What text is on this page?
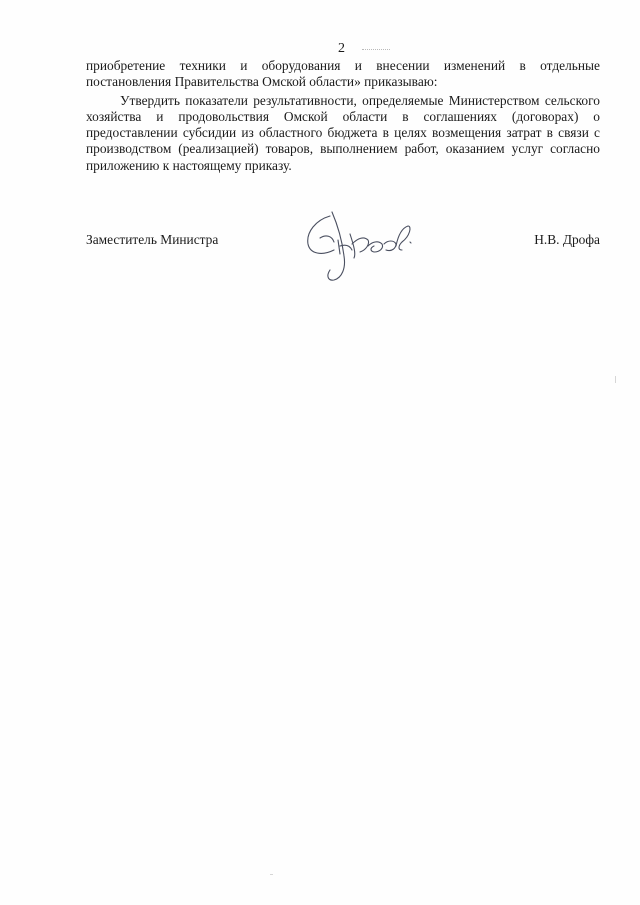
2

приобретение техники и оборудования и внесении изменений в отдельные

постановления Правительства Омской области» приказываю:

Утвердить показатели результативности, определяемые Министерством сельского хозяйства и продовольствия Омской области в соглашениях (договорах) о предоставлении субсидии из областного бюджета в целях возмещения затрат в связи с производством (реализацией) товаров, выполнением работ, оказанием услуг согласно приложению к настоящему приказу.

Заместитель Министра	Н.В. Дрофа
